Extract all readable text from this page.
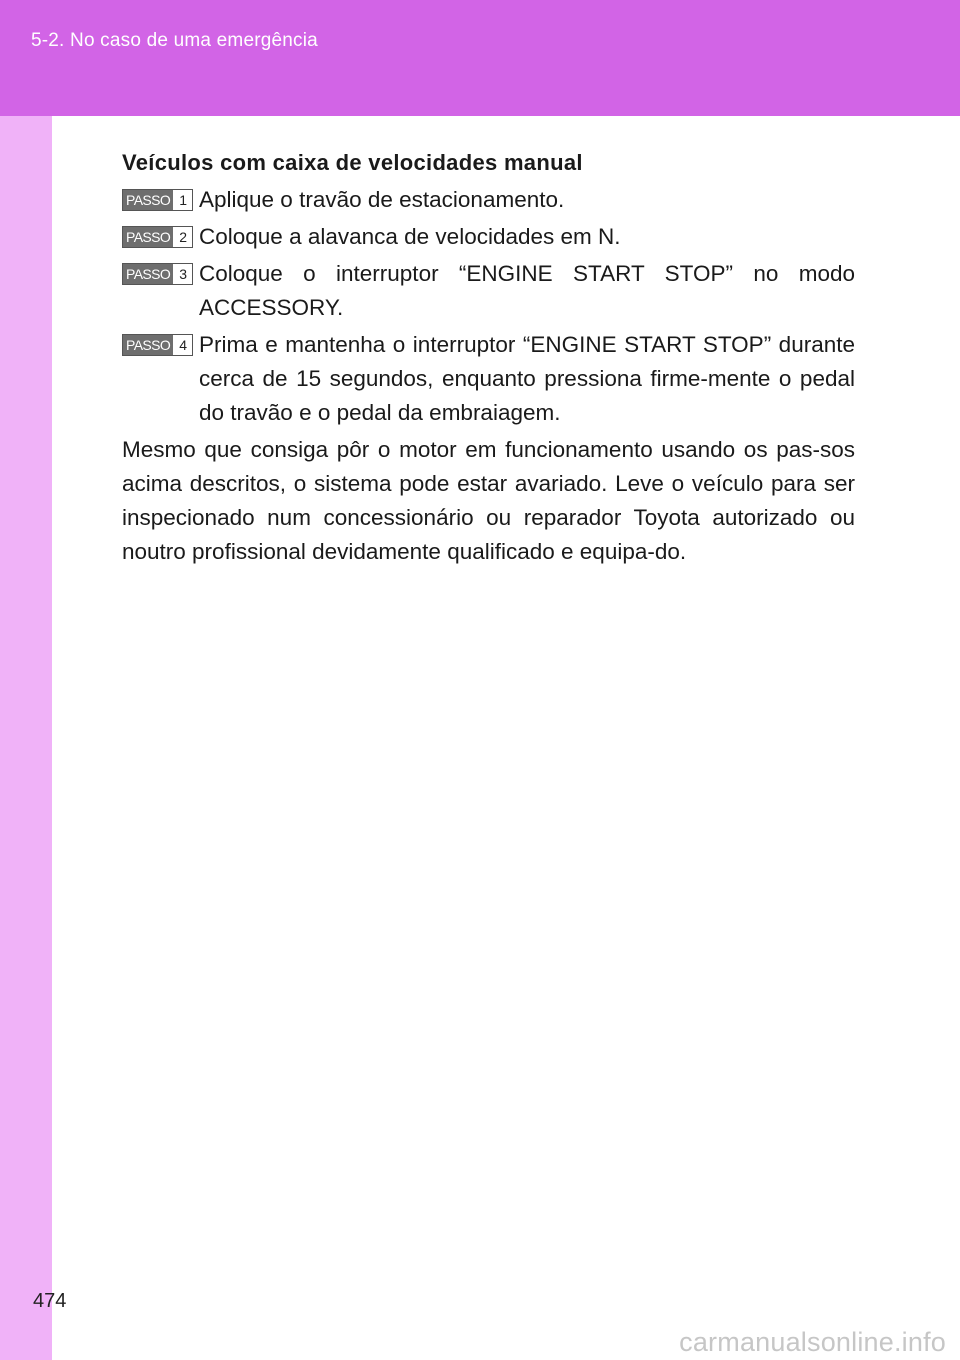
5-2. No caso de uma emergência
Veículos com caixa de velocidades manual
PASSO 1 Aplique o travão de estacionamento.
PASSO 2 Coloque a alavanca de velocidades em N.
PASSO 3 Coloque o interruptor “ENGINE START STOP” no modo ACCESSORY.
PASSO 4 Prima e mantenha o interruptor “ENGINE START STOP” durante cerca de 15 segundos, enquanto pressiona firme-mente o pedal do travão e o pedal da embraiagem.
Mesmo que consiga pôr o motor em funcionamento usando os pas-sos acima descritos, o sistema pode estar avariado. Leve o veículo para ser inspecionado num concessionário ou reparador Toyota autorizado ou noutro profissional devidamente qualificado e equipa-do.
474
carmanualsonline.info
